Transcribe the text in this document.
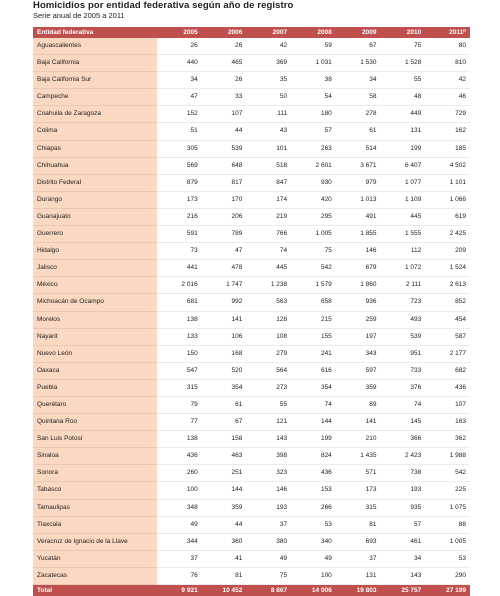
Homicidios por entidad federativa según año de registro
Serie anual de 2005 a 2011
Entidad federativa	2005	2006	2007	2008	2009	2010	2011ᴾ
Aguascalientes	26	26	42	59	67	75	80
Baja California	440	465	369	1 031	1 530	1 528	810
Baja California Sur	34	26	35	38	34	55	42
Campeche	47	33	50	54	58	48	46
Coahuila de Zaragoza	152	107	111	180	278	449	729
Colima	51	44	43	57	61	131	162
Chiapas	305	539	101	263	514	199	185
Chihuahua	569	648	518	2 601	3 671	6 407	4 502
Distrito Federal	879	817	847	930	979	1 077	1 101
Durango	173	170	174	420	1 013	1 109	1 066
Guanajuato	216	206	219	295	491	445	619
Guerrero	591	789	766	1 005	1 855	1 555	2 425
Hidalgo	73	47	74	75	146	112	209
Jalisco	441	478	445	542	679	1 072	1 524
México	2 016	1 747	1 238	1 579	1 860	2 111	2 613
Michoacán de Ocampo	681	992	563	658	936	723	852
Morelos	138	141	128	215	259	493	454
Nayarit	133	106	108	155	197	539	587
Nuevo León	150	168	279	241	343	951	2 177
Oaxaca	547	520	564	616	597	733	682
Puebla	315	354	273	354	359	376	436
Querétaro	79	61	55	74	89	74	107
Quintana Roo	77	67	121	144	141	145	163
San Luis Potosí	138	158	143	199	210	366	362
Sinaloa	436	463	398	824	1 435	2 423	1 988
Sonora	260	251	323	436	571	738	542
Tabasco	100	144	146	153	173	193	225
Tamaulipas	348	359	193	266	315	935	1 075
Tlaxcala	49	44	37	53	81	57	88
Veracruz de Ignacio de la Llave	344	360	380	340	693	461	1 005
Yucatán	37	41	49	49	37	34	53
Zacatecas	76	81	75	100	131	143	290
Total	9 921	10 452	8 867	14 006	19 803	25 757	27 199
